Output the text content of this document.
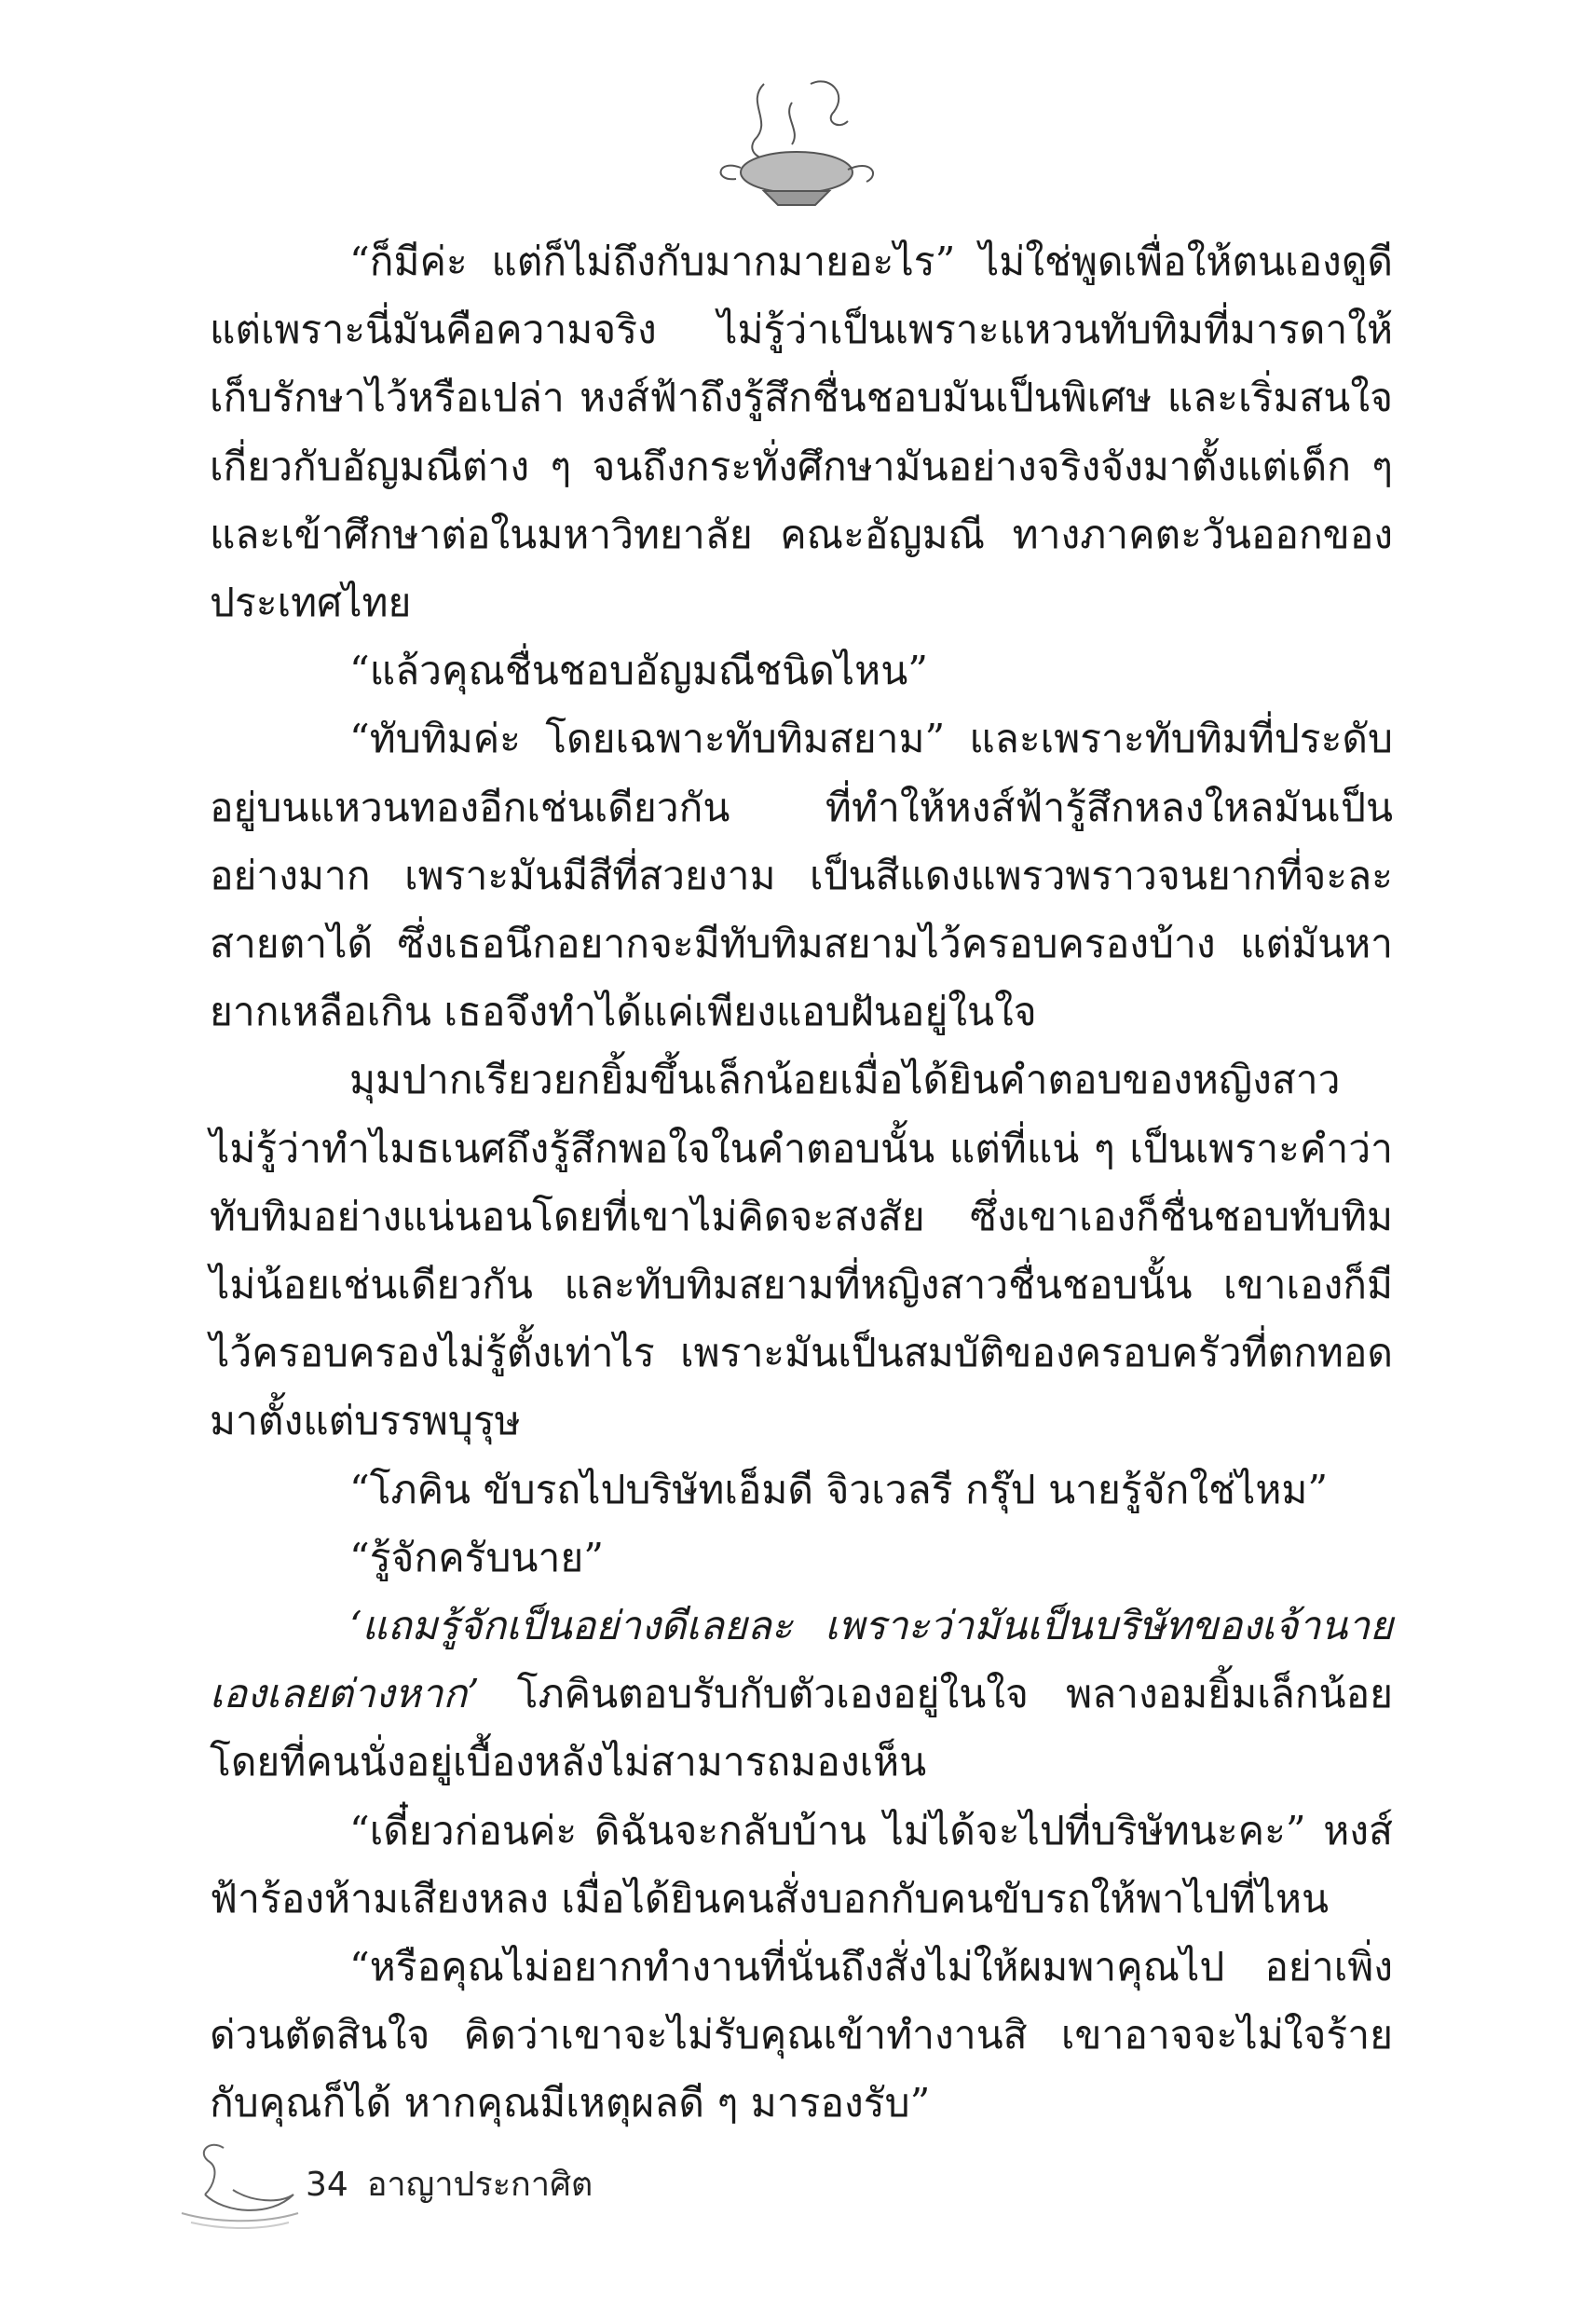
“ก็มีค่ะ แต่ก็ไม่ถึงกับมากมายอะไร” ไม่ใช่พูดเพื่อให้ตนเองดูดี แต่เพราะนี่มันคือความจริง ไม่รู้ว่าเป็นเพราะแหวนทับทิมที่มารดาให้เก็บรักษาไว้หรือเปล่า หงส์ฟ้าถึงรู้สึกชื่นชอบมันเป็นพิเศษ และเริ่มสนใจเกี่ยวกับอัญมณีต่าง ๆ จนถึงกระทั่งศึกษามันอย่างจริงจังมาตั้งแต่เด็ก ๆ และเข้าศึกษาต่อในมหาวิทยาลัย คณะอัญมณี ทางภาคตะวันออกของประเทศไทย

“แล้วคุณชื่นชอบอัญมณีชนิดไหน”

“ทับทิมค่ะ โดยเฉพาะทับทิมสยาม” และเพราะทับทิมที่ประดับอยู่บนแหวนทองอีกเช่นเดียวกัน ที่ทำให้หงส์ฟ้ารู้สึกหลงใหลมันเป็นอย่างมาก เพราะมันมีสีที่สวยงาม เป็นสีแดงแพรวพราวจนยากที่จะละสายตาได้ ซึ่งเธอนึกอยากจะมีทับทิมสยามไว้ครอบครองบ้าง แต่มันหายากเหลือเกิน เธอจึงทำได้แค่เพียงแอบฝันอยู่ในใจ

มุมปากเรียวยกยิ้มขึ้นเล็กน้อยเมื่อได้ยินคำตอบของหญิงสาว ไม่รู้ว่าทำไมธเนศถึงรู้สึกพอใจในคำตอบนั้น แต่ที่แน่ ๆ เป็นเพราะคำว่าทับทิมอย่างแน่นอนโดยที่เขาไม่คิดจะสงสัย ซึ่งเขาเองก็ชื่นชอบทับทิมไม่น้อยเช่นเดียวกัน และทับทิมสยามที่หญิงสาวชื่นชอบนั้น เขาเองก็มีไว้ครอบครองไม่รู้ตั้งเท่าไร เพราะมันเป็นสมบัติของครอบครัวที่ตกทอดมาตั้งแต่บรรพบุรุษ

“โภคิน ขับรถไปบริษัทเอ็มดี จิวเวลรี กรุ๊ป นายรู้จักใช่ไหม”

“รู้จักครับนาย”

‘แถมรู้จักเป็นอย่างดีเลยละ เพราะว่ามันเป็นบริษัทของเจ้านายเองเลยต่างหาก’ โภคินตอบรับกับตัวเองอยู่ในใจ พลางอมยิ้มเล็กน้อยโดยที่คนนั่งอยู่เบื้องหลังไม่สามารถมองเห็น

“เดี๋ยวก่อนค่ะ ดิฉันจะกลับบ้าน ไม่ได้จะไปที่บริษัทนะคะ” หงส์ฟ้าร้องห้ามเสียงหลง เมื่อได้ยินคนสั่งบอกกับคนขับรถให้พาไปที่ไหน

“หรือคุณไม่อยากทำงานที่นั่นถึงสั่งไม่ให้ผมพาคุณไป อย่าเพิ่งด่วนตัดสินใจ คิดว่าเขาจะไม่รับคุณเข้าทำงานสิ เขาอาจจะไม่ใจร้ายกับคุณก็ได้ หากคุณมีเหตุผลดี ๆ มารองรับ”

34 อาญาประกาศิต
